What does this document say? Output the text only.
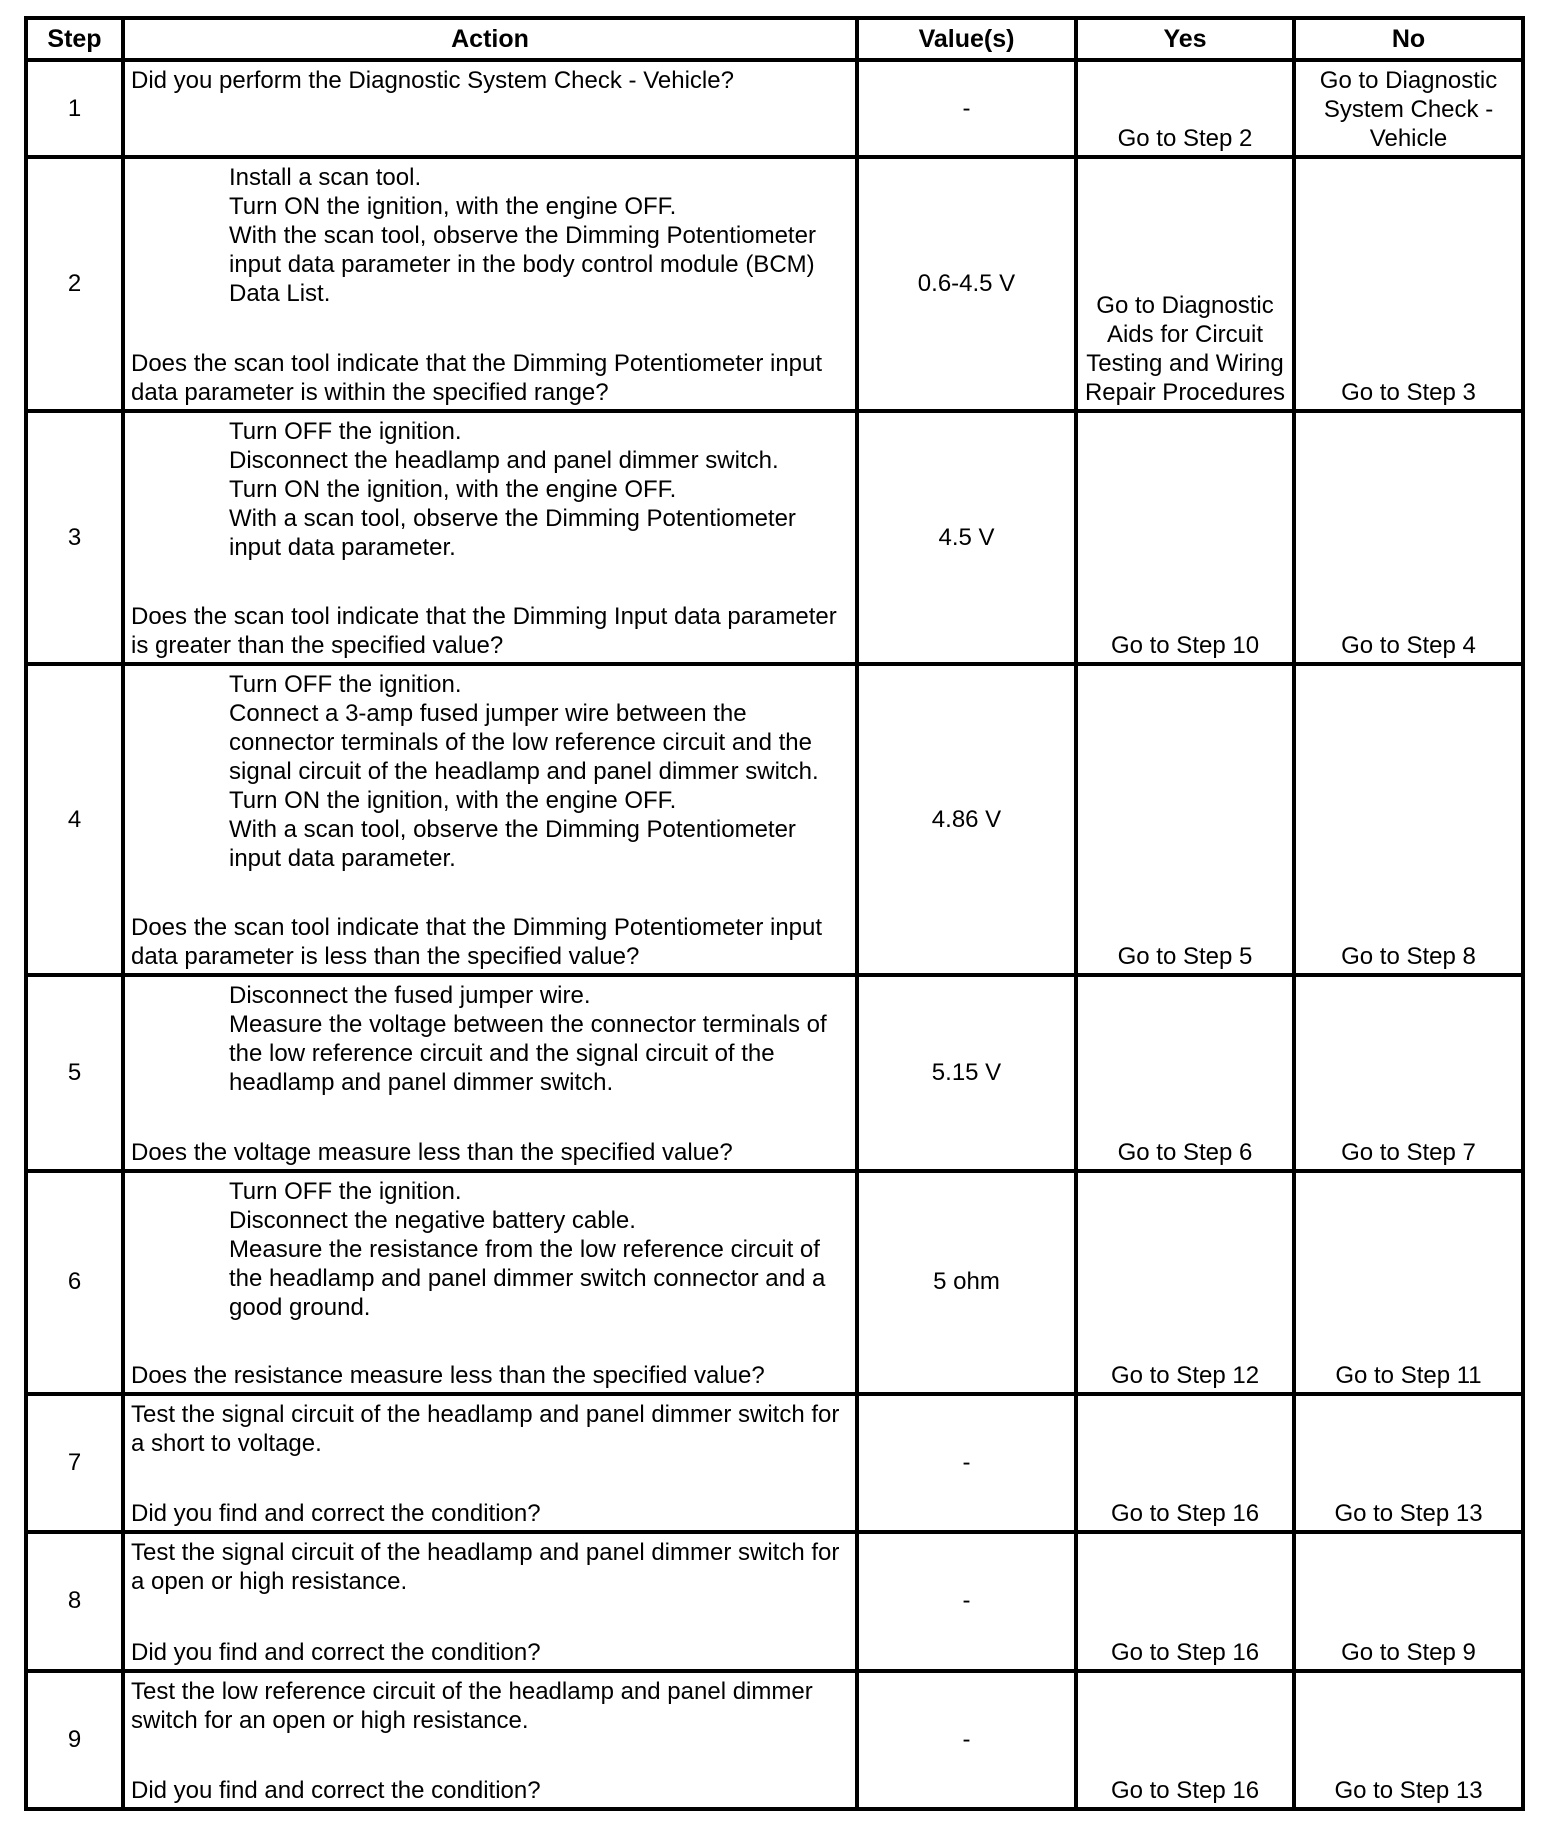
Step	Action	Value(s)	Yes	No
1	Did you perform the Diagnostic System Check - Vehicle?	-	Go to Step 2	Go to Diagnostic System Check - Vehicle
2	Install a scan tool.
Turn ON the ignition, with the engine OFF.
With the scan tool, observe the Dimming Potentiometer input data parameter in the body control module (BCM) Data List.
Does the scan tool indicate that the Dimming Potentiometer input data parameter is within the specified range?	0.6-4.5 V	Go to Diagnostic Aids for Circuit Testing and Wiring Repair Procedures	Go to Step 3
3	Turn OFF the ignition.
Disconnect the headlamp and panel dimmer switch.
Turn ON the ignition, with the engine OFF.
With a scan tool, observe the Dimming Potentiometer input data parameter.
Does the scan tool indicate that the Dimming Input data parameter is greater than the specified value?	4.5 V	Go to Step 10	Go to Step 4
4	Turn OFF the ignition.
Connect a 3-amp fused jumper wire between the connector terminals of the low reference circuit and the signal circuit of the headlamp and panel dimmer switch.
Turn ON the ignition, with the engine OFF.
With a scan tool, observe the Dimming Potentiometer input data parameter.
Does the scan tool indicate that the Dimming Potentiometer input data parameter is less than the specified value?	4.86 V	Go to Step 5	Go to Step 8
5	Disconnect the fused jumper wire.
Measure the voltage between the connector terminals of the low reference circuit and the signal circuit of the headlamp and panel dimmer switch.
Does the voltage measure less than the specified value?	5.15 V	Go to Step 6	Go to Step 7
6	Turn OFF the ignition.
Disconnect the negative battery cable.
Measure the resistance from the low reference circuit of the headlamp and panel dimmer switch connector and a good ground.
Does the resistance measure less than the specified value?	5 ohm	Go to Step 12	Go to Step 11
7	Test the signal circuit of the headlamp and panel dimmer switch for a short to voltage.
Did you find and correct the condition?	-	Go to Step 16	Go to Step 13
8	Test the signal circuit of the headlamp and panel dimmer switch for a open or high resistance.
Did you find and correct the condition?	-	Go to Step 16	Go to Step 9
9	Test the low reference circuit of the headlamp and panel dimmer switch for an open or high resistance.
Did you find and correct the condition?	-	Go to Step 16	Go to Step 13
